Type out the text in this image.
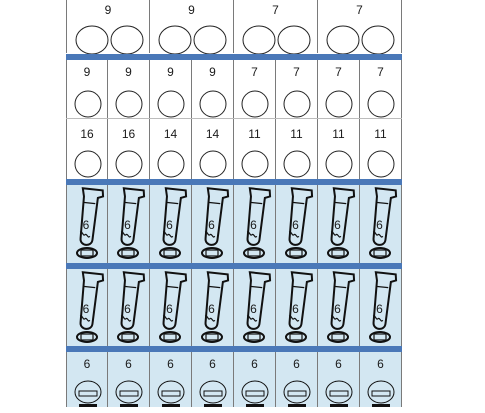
9	9	7	7
9	9	9	9	7	7	7	7
16	16	14	14	11	11	11	11
6	6	6	6	6	6	6	6
6	6	6	6	6	6	6	6
6	6	6	6	6	6	6	6
